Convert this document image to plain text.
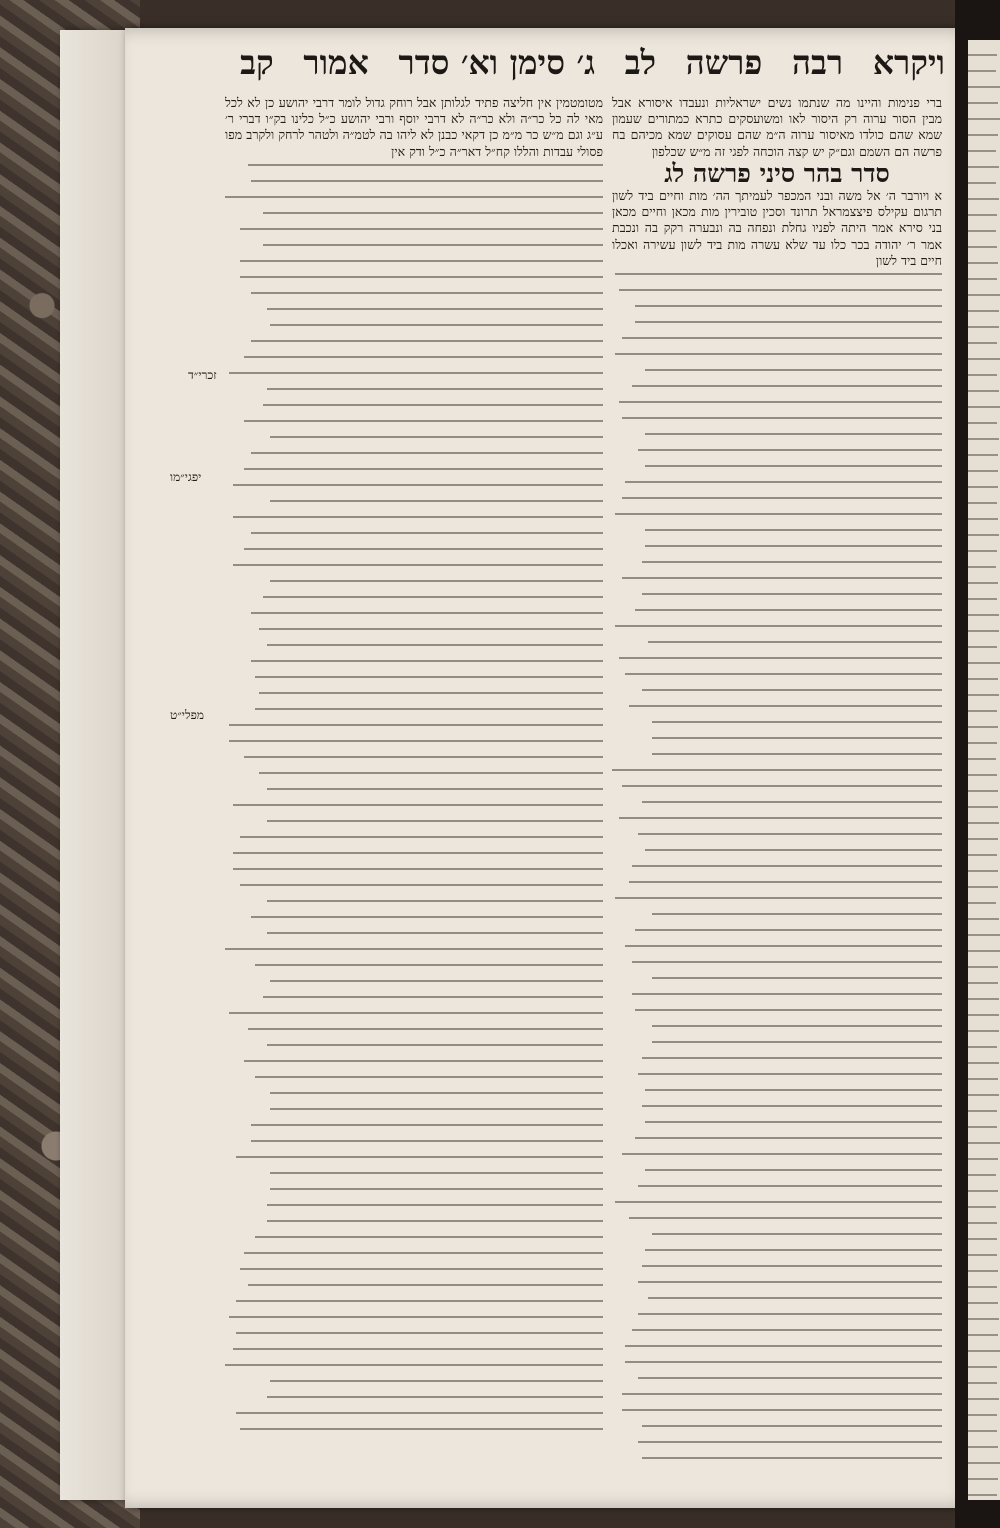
ויקרא
רבה
פרשה
לב
ג׳ סימן וא׳ סדר
אמור
קב

ברי פנימות והיינו מה שנתמו נשים ישראליות ונעבדו איסורא אבל מבין הסור ערוה רק היסור לאו ומשועסקים כתרא כמתורים שעמון שמא שהם כולדו מאיסור ערוה ה״מ שהם עסוקים שמא מכיהם בח פרשה הם השמם וגם״ק יש קצה הוכחה לפגי זה מ״ש שכלפון

סדר בהר סיני פרשה לג

א ויורבר ה׳ אל משה ובני המכפר לעמיתך הה׳ מות וחיים ביד לשון תרגום עקילס פיצצמראל תרונד וסכין טובירין מות מכאן וחיים מכאן בני סירא אמר היתה לפניו גחלת ונפחה בה ונבערה רקק בה ונכבת אמר ר׳ יהודה בכר כלו עד שלא עשרה מות ביד לשון עשירה ואכלו חיים ביד לשון

מטומטמין אין חליצה פתיד לגלותן אבל רוחק גדול לומר דרבי יהושע כן לא לכל מאי לה כל כר״ה ולא כר״ה לא דרבי יוסף ורבי יהושע כ״ל כלינו בק״ו דברי ר׳ ע״ג וגם מ״ש כר מ״מ כן דקאי כבנן לא ליהו בה לטמ״ה ולטהר לרחק ולקרב מפו פסולי עבדות והללו קח״ל דאר״ה כ״ל ודק אין

זכרי״ד
יפגי״מו
מפלי״ט
